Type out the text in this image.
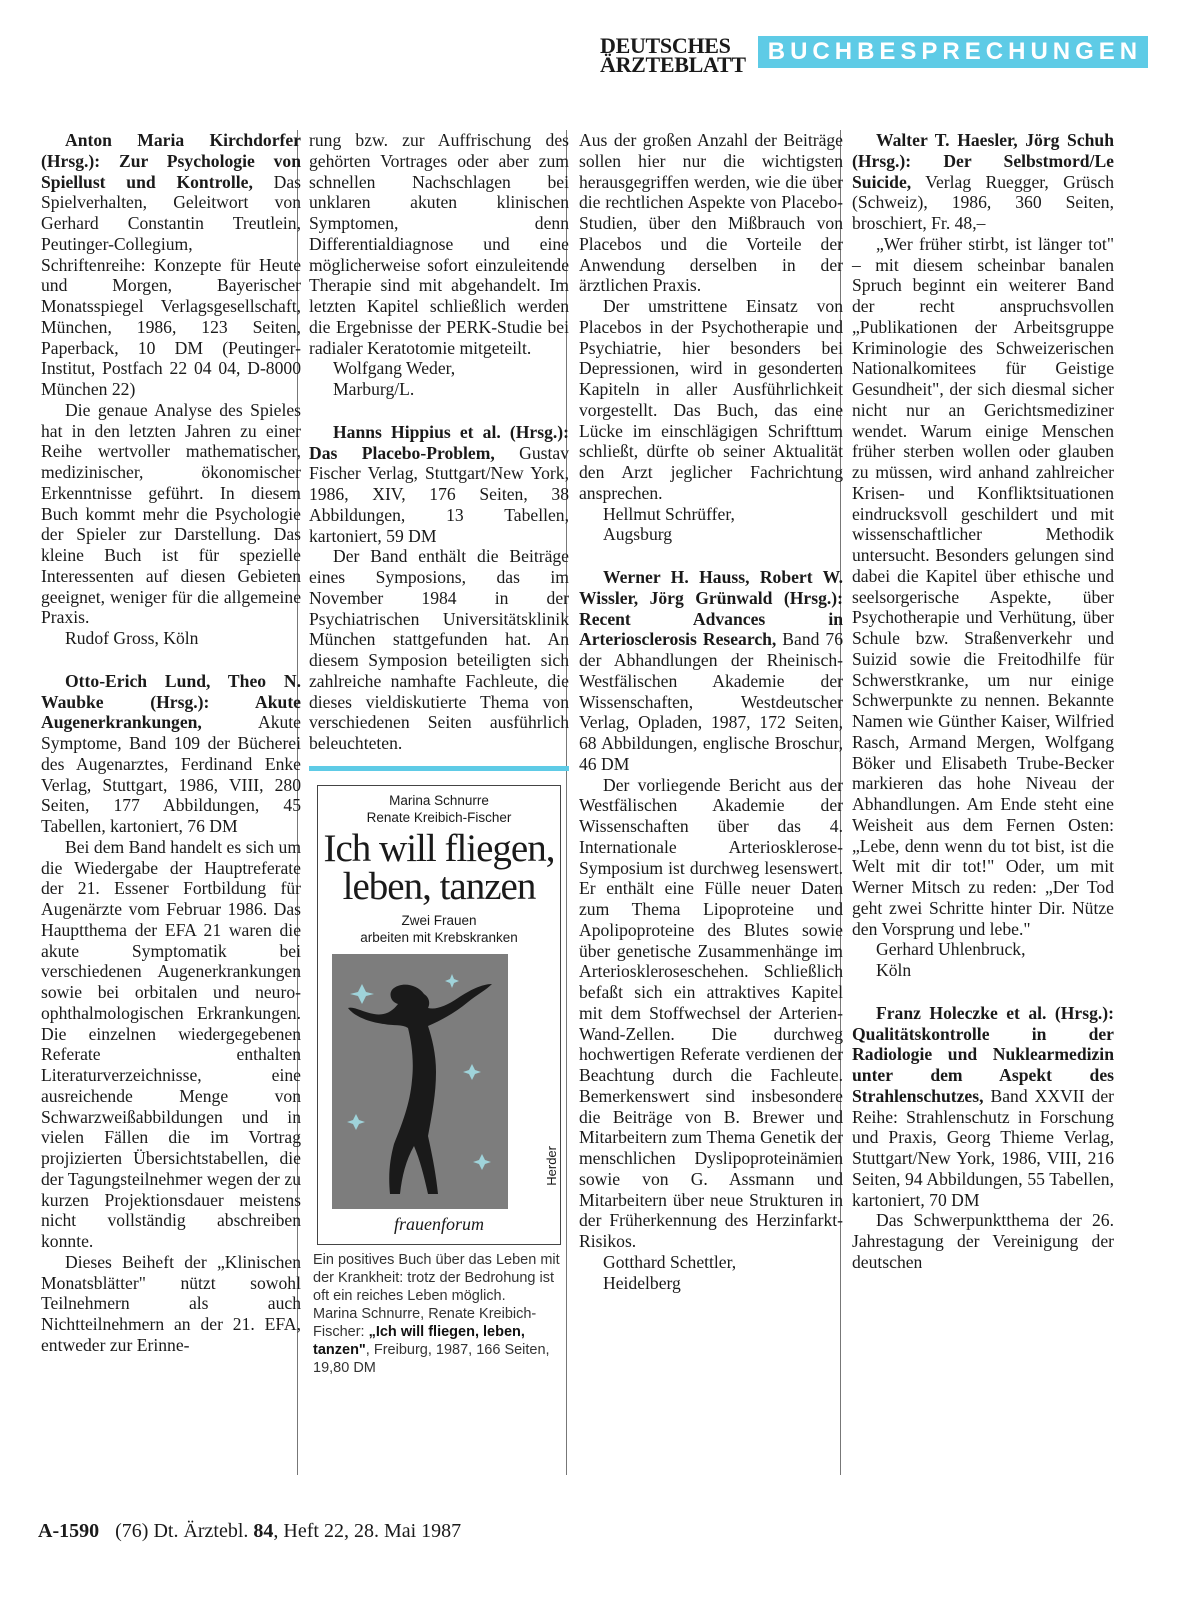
DEUTSCHES
ÄRZTEBLATT BUCHBESPRECHUNGEN

Anton Maria Kirchdorfer (Hrsg.): Zur Psychologie von Spiellust und Kontrolle, Das Spielverhalten, Geleitwort von Gerhard Constantin Treutlein, Peutinger-Collegium, Schriftenreihe: Konzepte für Heute und Morgen, Bayerischer Monatsspiegel Verlagsgesellschaft, München, 1986, 123 Seiten, Paperback, 10 DM (Peutinger-Institut, Postfach 22 04 04, D-8000 München 22)

Die genaue Analyse des Spieles hat in den letzten Jahren zu einer Reihe wertvoller mathematischer, medizinischer, ökonomischer Erkenntnisse geführt. In diesem Buch kommt mehr die Psychologie der Spieler zur Darstellung. Das kleine Buch ist für spezielle Interessenten auf diesen Gebieten geeignet, weniger für die allgemeine Praxis.

Rudof Gross, Köln

Otto-Erich Lund, Theo N. Waubke (Hrsg.): Akute Augenerkrankungen, Akute Symptome, Band 109 der Bücherei des Augenarztes, Ferdinand Enke Verlag, Stuttgart, 1986, VIII, 280 Seiten, 177 Abbildungen, 45 Tabellen, kartoniert, 76 DM

Bei dem Band handelt es sich um die Wiedergabe der Hauptreferate der 21. Essener Fortbildung für Augenärzte vom Februar 1986. Das Hauptthema der EFA 21 waren die akute Symptomatik bei verschiedenen Augenerkrankungen sowie bei orbitalen und neuro-ophthalmologischen Erkrankungen. Die einzelnen wiedergegebenen Referate enthalten Literaturverzeichnisse, eine ausreichende Menge von Schwarzweißabbildungen und in vielen Fällen die im Vortrag projizierten Übersichtstabellen, die der Tagungsteilnehmer wegen der zu kurzen Projektionsdauer meistens nicht vollständig abschreiben konnte.

Dieses Beiheft der „Klinischen Monatsblätter" nützt sowohl Teilnehmern als auch Nichtteilnehmern an der 21. EFA, entweder zur Erinne-

rung bzw. zur Auffrischung des gehörten Vortrages oder aber zum schnellen Nachschlagen bei unklaren akuten klinischen Symptomen, denn Differentialdiagnose und eine möglicherweise sofort einzuleitende Therapie sind mit abgehandelt. Im letzten Kapitel schließlich werden die Ergebnisse der PERK-Studie bei radialer Keratotomie mitgeteilt.

Wolfgang Weder,

Marburg/L.

Hanns Hippius et al. (Hrsg.): Das Placebo-Problem, Gustav Fischer Verlag, Stuttgart/New York, 1986, XIV, 176 Seiten, 38 Abbildungen, 13 Tabellen, kartoniert, 59 DM

Der Band enthält die Beiträge eines Symposions, das im November 1984 in der Psychiatrischen Universitätsklinik München stattgefunden hat. An diesem Symposion beteiligten sich zahlreiche namhafte Fachleute, die dieses vieldiskutierte Thema von verschiedenen Seiten ausführlich beleuchteten.

Marina Schnurre
Renate Kreibich-Fischer
Ich will fliegen,
leben, tanzen
Zwei Frauen
arbeiten mit Krebskranken
Herder
frauenforum
Ein positives Buch über das Leben mit der Krankheit: trotz der Bedrohung ist oft ein reiches Leben möglich.
Marina Schnurre, Renate Kreibich-Fischer: „Ich will fliegen, leben, tanzen", Freiburg, 1987, 166 Seiten, 19,80 DM

Aus der großen Anzahl der Beiträge sollen hier nur die wichtigsten herausgegriffen werden, wie die über die rechtlichen Aspekte von Placebo-Studien, über den Mißbrauch von Placebos und die Vorteile der Anwendung derselben in der ärztlichen Praxis.

Der umstrittene Einsatz von Placebos in der Psychotherapie und Psychiatrie, hier besonders bei Depressionen, wird in gesonderten Kapiteln in aller Ausführlichkeit vorgestellt. Das Buch, das eine Lücke im einschlägigen Schrifttum schließt, dürfte ob seiner Aktualität den Arzt jeglicher Fachrichtung ansprechen.

Hellmut Schrüffer,

Augsburg

Werner H. Hauss, Robert W. Wissler, Jörg Grünwald (Hrsg.): Recent Advances in Arteriosclerosis Research, Band 76 der Abhandlungen der Rheinisch-Westfälischen Akademie der Wissenschaften, Westdeutscher Verlag, Opladen, 1987, 172 Seiten, 68 Abbildungen, englische Broschur, 46 DM

Der vorliegende Bericht aus der Westfälischen Akademie der Wissenschaften über das 4. Internationale Arteriosklerose-Symposium ist durchweg lesenswert. Er enthält eine Fülle neuer Daten zum Thema Lipoproteine und Apolipoproteine des Blutes sowie über genetische Zusammenhänge im Arterioskleroseschehen. Schließlich befaßt sich ein attraktives Kapitel mit dem Stoffwechsel der Arterien-Wand-Zellen. Die durchweg hochwertigen Referate verdienen der Beachtung durch die Fachleute. Bemerkenswert sind insbesondere die Beiträge von B. Brewer und Mitarbeitern zum Thema Genetik der menschlichen Dyslipoproteinämien sowie von G. Assmann und Mitarbeitern über neue Strukturen in der Früherkennung des Herzinfarkt-Risikos.

Gotthard Schettler,

Heidelberg

Walter T. Haesler, Jörg Schuh (Hrsg.): Der Selbstmord/Le Suicide, Verlag Ruegger, Grüsch (Schweiz), 1986, 360 Seiten, broschiert, Fr. 48,–

„Wer früher stirbt, ist länger tot" – mit diesem scheinbar banalen Spruch beginnt ein weiterer Band der recht anspruchsvollen „Publikationen der Arbeitsgruppe Kriminologie des Schweizerischen Nationalkomitees für Geistige Gesundheit", der sich diesmal sicher nicht nur an Gerichtsmediziner wendet. Warum einige Menschen früher sterben wollen oder glauben zu müssen, wird anhand zahlreicher Krisen- und Konfliktsituationen eindrucksvoll geschildert und mit wissenschaftlicher Methodik untersucht. Besonders gelungen sind dabei die Kapitel über ethische und seelsorgerische Aspekte, über Psychotherapie und Verhütung, über Schule bzw. Straßenverkehr und Suizid sowie die Freitodhilfe für Schwerstkranke, um nur einige Schwerpunkte zu nennen. Bekannte Namen wie Günther Kaiser, Wilfried Rasch, Armand Mergen, Wolfgang Böker und Elisabeth Trube-Becker markieren das hohe Niveau der Abhandlungen. Am Ende steht eine Weisheit aus dem Fernen Osten: „Lebe, denn wenn du tot bist, ist die Welt mit dir tot!" Oder, um mit Werner Mitsch zu reden: „Der Tod geht zwei Schritte hinter Dir. Nütze den Vorsprung und lebe."

Gerhard Uhlenbruck,

Köln

Franz Holeczke et al. (Hrsg.): Qualitätskontrolle in der Radiologie und Nuklearmedizin unter dem Aspekt des Strahlenschutzes, Band XXVII der Reihe: Strahlenschutz in Forschung und Praxis, Georg Thieme Verlag, Stuttgart/New York, 1986, VIII, 216 Seiten, 94 Abbildungen, 55 Tabellen, kartoniert, 70 DM

Das Schwerpunktthema der 26. Jahrestagung der Vereinigung der deutschen

A-1590 (76) Dt. Ärztebl. 84, Heft 22, 28. Mai 1987
